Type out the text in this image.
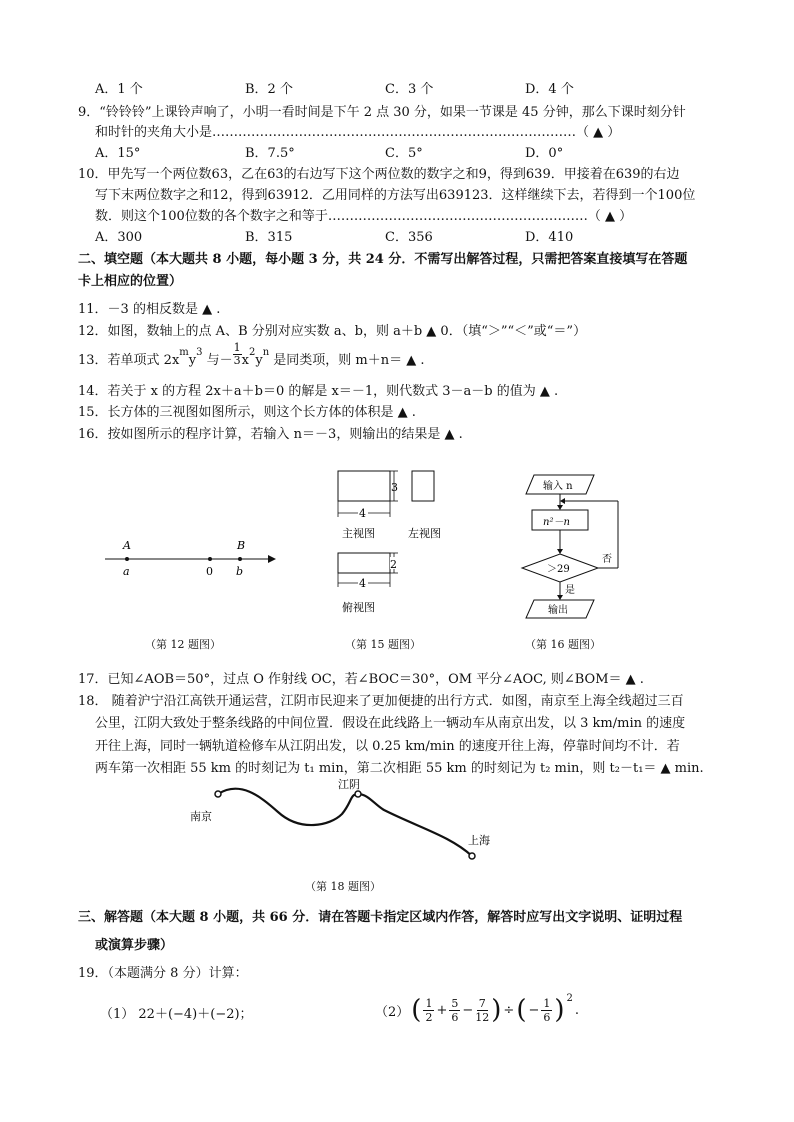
A．1 个	B．2 个	C．3 个	D．4 个
9．“铃铃铃”上课铃声响了，小明一看时间是下午 2 点 30 分，如果一节课是 45 分钟，那么下课时刻分针
和时针的夹角大小是…………………………………………………………………………（ ▲ ）
A．15°	B．7.5°	C．5°	D．0°
10．甲先写一个两位数63，乙在63的右边写下这个两位数的数字之和9，得到639．甲接着在639的右边
写下末两位数字之和12，得到63912．乙用同样的方法写出639123．这样继续下去，若得到一个100位
数．则这个100位数的各个数字之和等于……………………………………………………（ ▲ ）
A．300	B．315	C．356	D．410
二、填空题（本大题共 8 小题，每小题 3 分，共 24 分．不需写出解答过程，只需把答案直接填写在答题
卡上相应的位置）
11．－3 的相反数是 ▲ .
12．如图，数轴上的点 A、B 分别对应实数 a、b，则 a＋b ▲ 0．（填“＞”“＜”或“＝”）
13．若单项式 $2x^my^3$ 与－ $\frac{1}{3} x^2y^n$ 是同类项，则 m＋n＝ ▲ .
14．若关于 x 的方程 2x＋a＋b＝0 的解是 x＝－1，则代数式 3－a－b 的值为 ▲ .
15．长方体的三视图如图所示，则这个长方体的体积是 ▲ .
16．按如图所示的程序计算，若输入 n＝－3，则输出的结果是 ▲ .
A	B
a	0 b
（第 12 题图）
3
4
主视图	左视图
2
4
俯视图
（第 15 题图）
输入 n
n²－n
＞29
否
是
输出
（第 16 题图）
17．已知∠AOB＝50°，过点 O 作射线 OC，若∠BOC＝30°，OM 平分∠AOC, 则∠BOM＝ ▲ .
18． 随着沪宁沿江高铁开通运营，江阴市民迎来了更加便捷的出行方式．如图，南京至上海全线超过三百
公里，江阴大致处于整条线路的中间位置．假设在此线路上一辆动车从南京出发，以 3 km/min 的速度
开往上海，同时一辆轨道检修车从江阴出发，以 0.25 km/min 的速度开往上海，停靠时间均不计．若
两车第一次相距 55 km 的时刻记为 t₁ min，第二次相距 55 km 的时刻记为 t₂ min，则 t₂－t₁＝ ▲ min.
南京
江阴
上海
（第 18 题图）
三、解答题（本大题 8 小题，共 66 分．请在答题卡指定区域内作答，解答时应写出文字说明、证明过程
或演算步骤）
19．（本题满分 8 分）计算：
（1） 22＋(−4)＋(−2)；	（2） ( 1
$2 + \frac{5}{6} - \frac{7}{12}$ ) ÷ ( − $\frac{1}{6} )^2$
.
